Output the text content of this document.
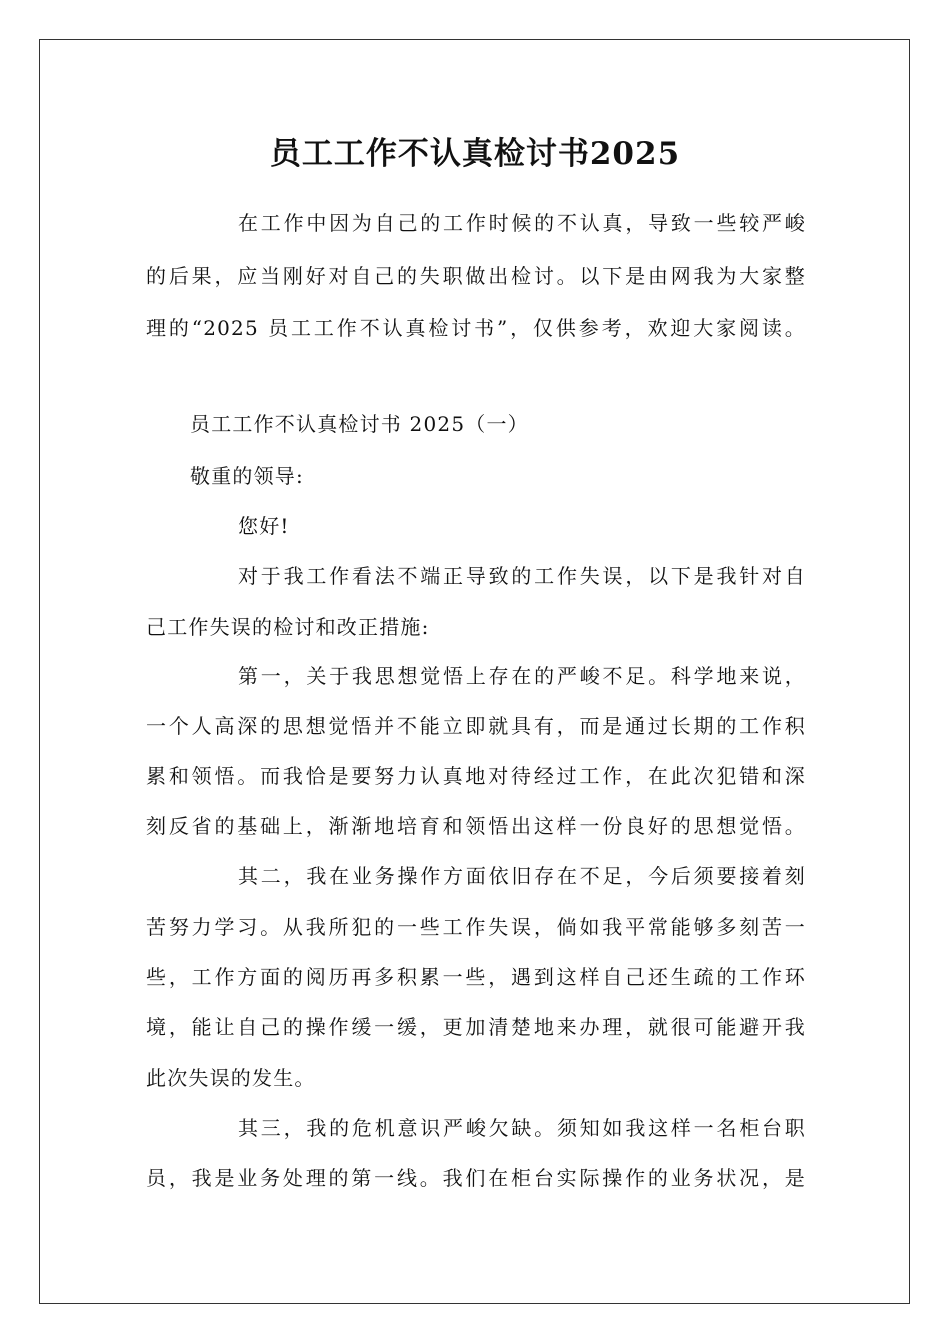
员工工作不认真检讨书2025
在工作中因为自己的工作时候的不认真，导致一些较严峻
的后果，应当刚好对自己的失职做出检讨。以下是由网我为大家整
理的“2025 员工工作不认真检讨书”，仅供参考，欢迎大家阅读。
员工工作不认真检讨书 2025（一）
敬重的领导:
您好!
对于我工作看法不端正导致的工作失误，以下是我针对自
己工作失误的检讨和改正措施:
第一，关于我思想觉悟上存在的严峻不足。科学地来说，
一个人高深的思想觉悟并不能立即就具有，而是通过长期的工作积
累和领悟。而我恰是要努力认真地对待经过工作，在此次犯错和深
刻反省的基础上，渐渐地培育和领悟出这样一份良好的思想觉悟。
其二，我在业务操作方面依旧存在不足，今后须要接着刻
苦努力学习。从我所犯的一些工作失误，倘如我平常能够多刻苦一
些，工作方面的阅历再多积累一些，遇到这样自己还生疏的工作环
境，能让自己的操作缓一缓，更加清楚地来办理，就很可能避开我
此次失误的发生。
其三，我的危机意识严峻欠缺。须知如我这样一名柜台职
员，我是业务处理的第一线。我们在柜台实际操作的业务状况，是
